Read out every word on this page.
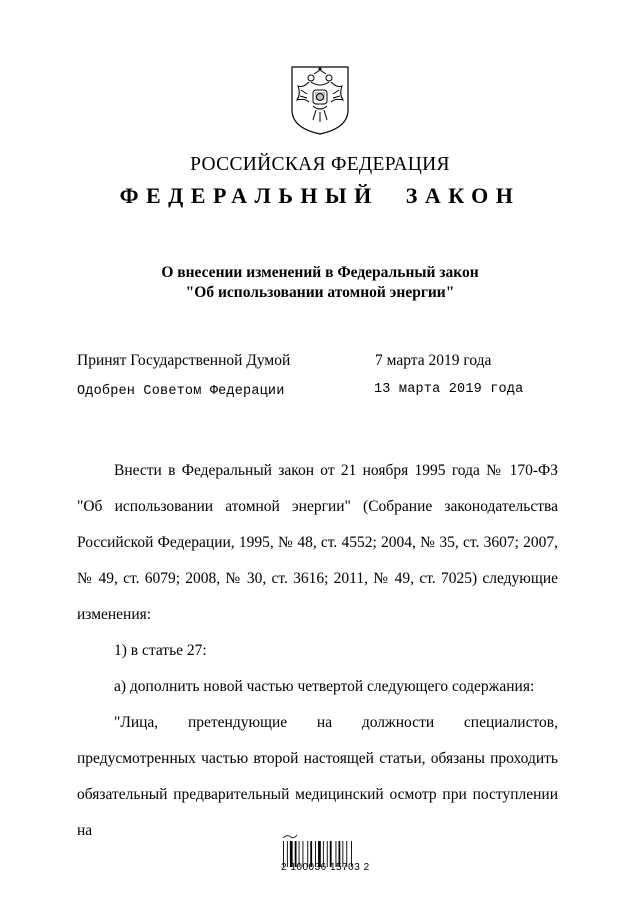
РОССИЙСКАЯ ФЕДЕРАЦИЯ
ФЕДЕРАЛЬНЫЙ ЗАКОН
О внесении изменений в Федеральный закон
"Об использовании атомной энергии"
Принят Государственной Думой	7 марта 2019 года
Одобрен Советом Федерации	13 марта 2019 года
Внести в Федеральный закон от 21 ноября 1995 года № 170-ФЗ "Об использовании атомной энергии" (Собрание законодательства Российской Федерации, 1995, № 48, ст. 4552; 2004, № 35, ст. 3607; 2007, № 49, ст. 6079; 2008, № 30, ст. 3616; 2011, № 49, ст. 7025) следующие изменения:
1) в статье 27:
а) дополнить новой частью четвертой следующего содержания:
"Лица, претендующие на должности специалистов, предусмотренных частью второй настоящей статьи, обязаны проходить обязательный предварительный медицинский осмотр при поступлении на
2 100036 15703 2
